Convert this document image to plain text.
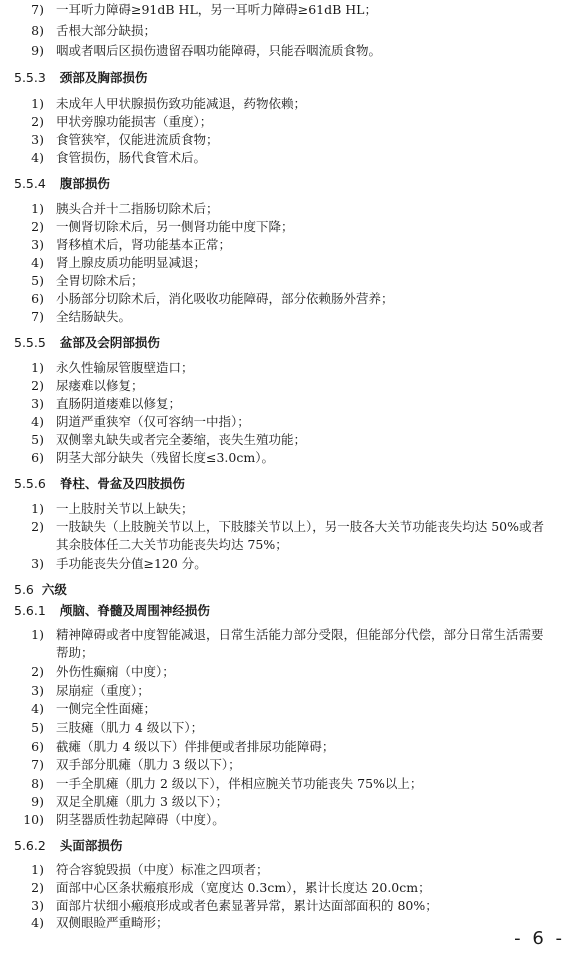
7) 一耳听力障碍≥91dB HL，另一耳听力障碍≥61dB HL；
8) 舌根大部分缺损；
9) 咽或者咽后区损伤遗留吞咽功能障碍，只能吞咽流质食物。
5.5.3 颈部及胸部损伤
1) 未成年人甲状腺损伤致功能减退，药物依赖；
2) 甲状旁腺功能损害（重度）；
3) 食管狭窄，仅能进流质食物；
4) 食管损伤，肠代食管术后。
5.5.4 腹部损伤
1) 胰头合并十二指肠切除术后；
2) 一侧肾切除术后，另一侧肾功能中度下降；
3) 肾移植术后，肾功能基本正常；
4) 肾上腺皮质功能明显减退；
5) 全胃切除术后；
6) 小肠部分切除术后，消化吸收功能障碍，部分依赖肠外营养；
7) 全结肠缺失。
5.5.5 盆部及会阴部损伤
1) 永久性输尿管腹壁造口；
2) 尿瘘难以修复；
3) 直肠阴道瘘难以修复；
4) 阴道严重狭窄（仅可容纳一中指）；
5) 双侧睾丸缺失或者完全萎缩，丧失生殖功能；
6) 阴茎大部分缺失（残留长度≤3.0cm）。
5.5.6 脊柱、骨盆及四肢损伤
1) 一上肢肘关节以上缺失；
2) 一肢缺失（上肢腕关节以上，下肢膝关节以上），另一肢各大关节功能丧失均达 50%或者
其余肢体任二大关节功能丧失均达 75%；
3) 手功能丧失分值≥120 分。
5.6 六级
5.6.1 颅脑、脊髓及周围神经损伤
1) 精神障碍或者中度智能减退，日常生活能力部分受限，但能部分代偿，部分日常生活需要
帮助；
2) 外伤性癫痫（中度）；
3) 尿崩症（重度）；
4) 一侧完全性面瘫；
5) 三肢瘫（肌力 4 级以下）；
6) 截瘫（肌力 4 级以下）伴排便或者排尿功能障碍；
7) 双手部分肌瘫（肌力 3 级以下）；
8) 一手全肌瘫（肌力 2 级以下），伴相应腕关节功能丧失 75%以上；
9) 双足全肌瘫（肌力 3 级以下）；
10) 阴茎器质性勃起障碍（中度）。
5.6.2 头面部损伤
1) 符合容貌毁损（中度）标准之四项者；
2) 面部中心区条状瘢痕形成（宽度达 0.3cm），累计长度达 20.0cm；
3) 面部片状细小瘢痕形成或者色素显著异常，累计达面部面积的 80%；
4) 双侧眼睑严重畸形；
- 6 -
